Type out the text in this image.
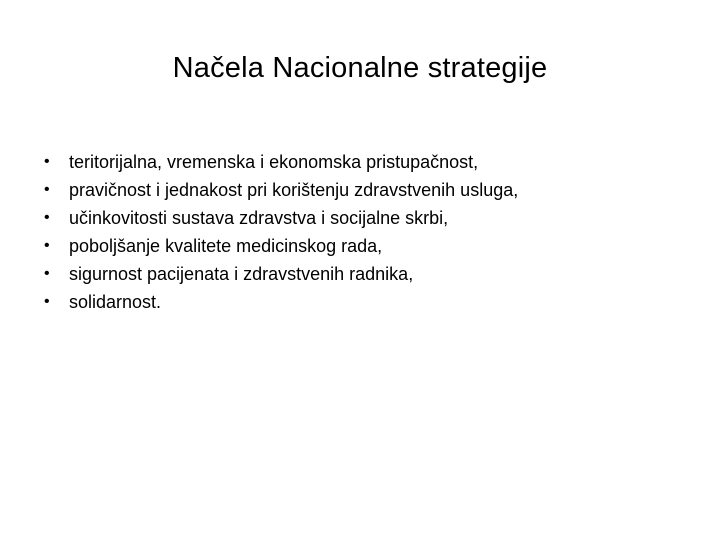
Načela Nacionalne strategije
•	teritorijalna, vremenska i ekonomska pristupačnost,
•	pravičnost i jednakost pri korištenju zdravstvenih usluga,
•	učinkovitosti sustava zdravstva i socijalne skrbi,
•	poboljšanje kvalitete medicinskog rada,
•	sigurnost pacijenata i zdravstvenih radnika,
•	solidarnost.
